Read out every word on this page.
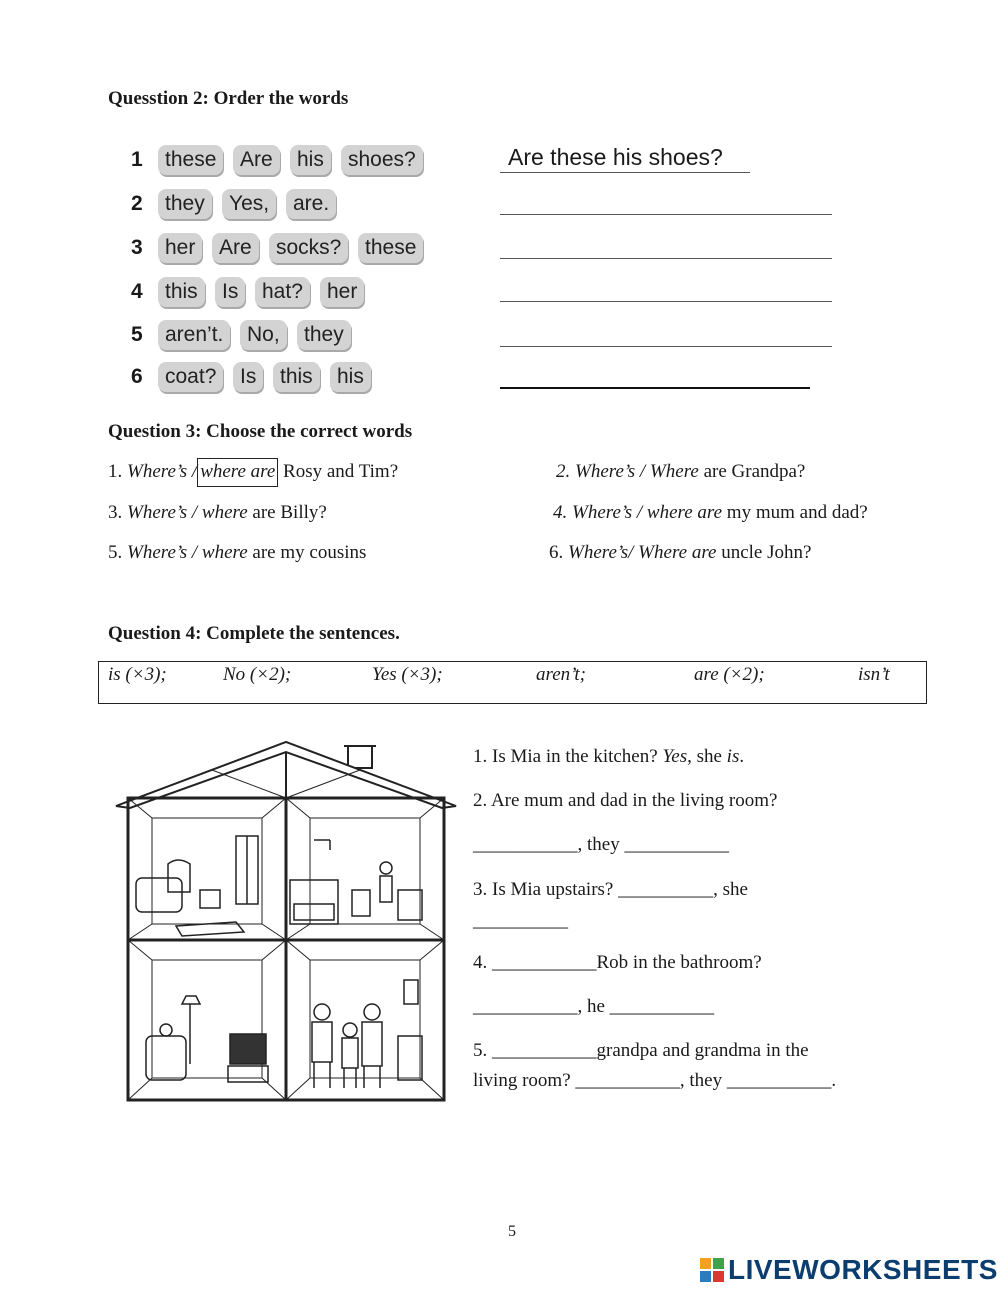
Quesstion 2: Order the words
1	these	Are	his	shoes?
2	they	Yes,	are.
3	her	Are	socks?	these
4	this	Is	hat?	her
5	aren’t.	No,	they
6	coat?	Is	this	his
Are these his shoes?
Question 3: Choose the correct words
1. Where’s / where are Rosy and Tim?	2. Where’s / Where are Grandpa?
3. Where’s / where are Billy?	4. Where’s / where are my mum and dad?
5. Where’s / where are my cousins	6. Where’s/ Where are uncle John?
Question 4: Complete the sentences.
is (×3);	No (×2);	Yes (×3);	aren’t;	are (×2);	isn’t
1. Is Mia in the kitchen? Yes, she is.
2. Are mum and dad in the living room?
___________, they ___________
3. Is Mia upstairs? __________, she
__________
4. ___________Rob in the bathroom?
___________, he ___________
5. ___________grandpa and grandma in the
living room? ___________, they ___________.
5
LIVEWORKSHEETS
